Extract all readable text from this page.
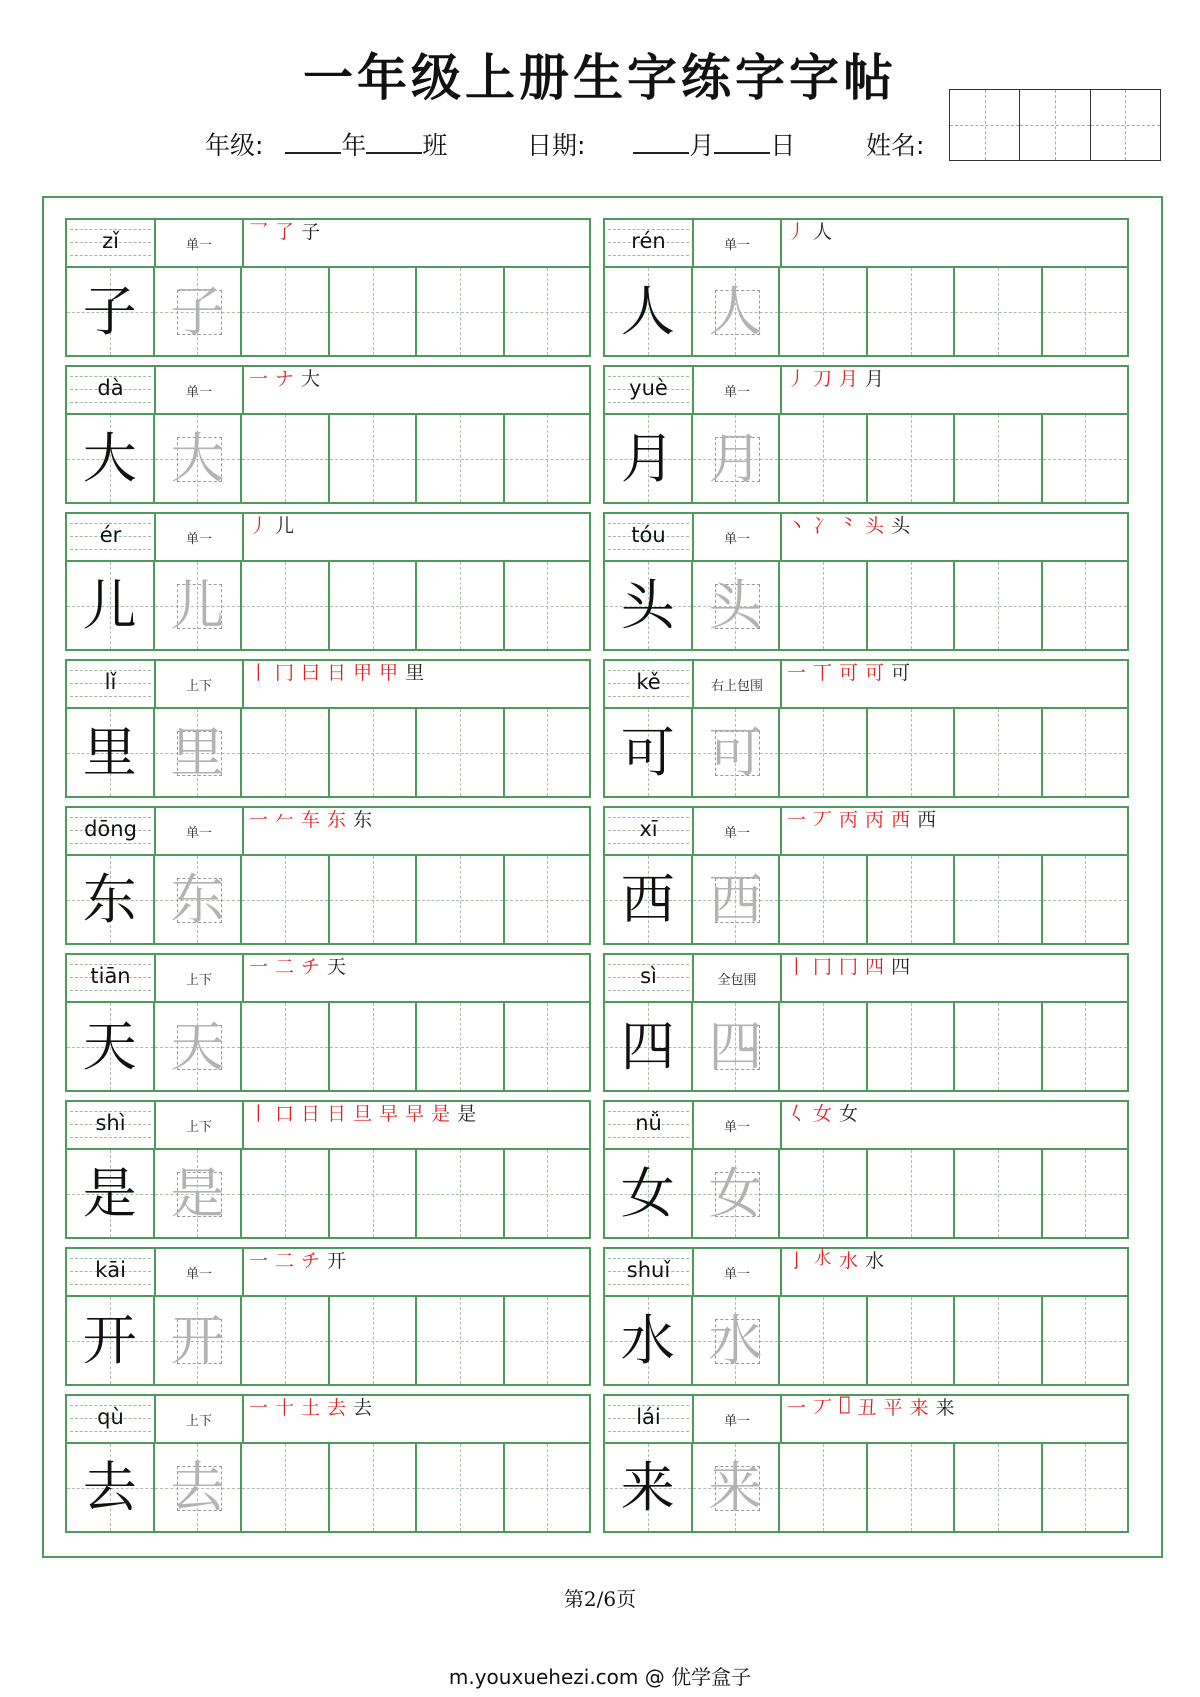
一年级上册生字练字字帖
年级:	年 班	日期:	月 日	姓名:
zǐ	单一
乛 了 子
子 子
rén	单一
丿 人
人 人
dà	单一
一 ナ 大
大 大
yuè	单一
丿 刀 月 月
月 月
ér	单一
丿 儿
儿 儿
tóu	单一
丶 冫 ⺀ 头 头
头 头
lǐ	上下
丨 冂 曰 日 甲 甲 里
里 里
kě	右上包围
一 丅 可 可 可
可 可
dōng	单一
一 𠂉 车 东 东
东 东
xī	单一
一 丆 丙 丙 西 西
西 西
tiān	上下
一 二 チ 天
天 天
sì	全包围
丨 冂 冂 四 四
四 四
shì	上下
丨 口 日 日 旦 早 早 是 是
是 是
nǚ	单一
𡿨 女 女
女 女
kāi	单一
一 二 チ 开
开 开
shuǐ	单一
亅 𣱱 水 水
水 水
qù	上下
一 十 土 去 去
去 去
lái	单一
一 丆 𠀆 丑 平 来 来
来 来
第2/6页
m.youxuehezi.com @ 优学盒子
